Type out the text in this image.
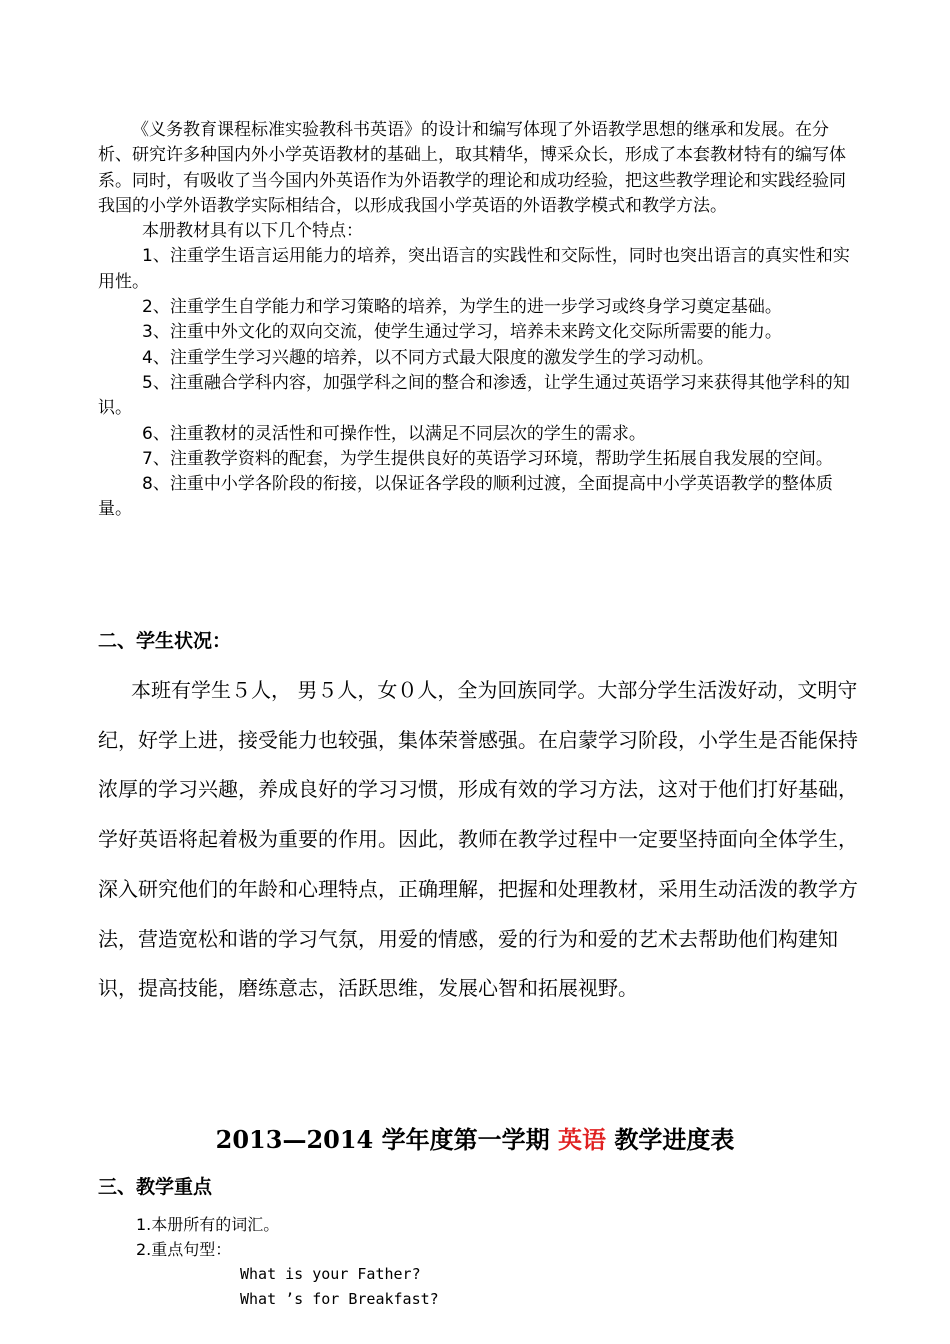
《义务教育课程标准实验教科书英语》的设计和编写体现了外语教学思想的继承和发展。在分析、研究许多种国内外小学英语教材的基础上，取其精华，博采众长，形成了本套教材特有的编写体系。同时，有吸收了当今国内外英语作为外语教学的理论和成功经验，把这些教学理论和实践经验同我国的小学外语教学实际相结合，以形成我国小学英语的外语教学模式和教学方法。

本册教材具有以下几个特点：

1、注重学生语言运用能力的培养，突出语言的实践性和交际性，同时也突出语言的真实性和实用性。

2、注重学生自学能力和学习策略的培养，为学生的进一步学习或终身学习奠定基础。

3、注重中外文化的双向交流，使学生通过学习，培养未来跨文化交际所需要的能力。

4、注重学生学习兴趣的培养，以不同方式最大限度的激发学生的学习动机。

5、注重融合学科内容，加强学科之间的整合和渗透，让学生通过英语学习来获得其他学科的知识。

6、注重教材的灵活性和可操作性，以满足不同层次的学生的需求。

7、注重教学资料的配套，为学生提供良好的英语学习环境，帮助学生拓展自我发展的空间。

8、注重中小学各阶段的衔接，以保证各学段的顺利过渡，全面提高中小学英语教学的整体质量。

二、学生状况：

本班有学生５人， 男５人，女０人，全为回族同学。大部分学生活泼好动，文明守纪，好学上进，接受能力也较强，集体荣誉感强。在启蒙学习阶段，小学生是否能保持浓厚的学习兴趣，养成良好的学习习惯，形成有效的学习方法，这对于他们打好基础，学好英语将起着极为重要的作用。因此，教师在教学过程中一定要坚持面向全体学生，深入研究他们的年龄和心理特点，正确理解，把握和处理教材，采用生动活泼的教学方法，营造宽松和谐的学习气氛，用爱的情感，爱的行为和爱的艺术去帮助他们构建知识，提高技能，磨练意志，活跃思维，发展心智和拓展视野。

2013—2014 学年度第一学期 英语 教学进度表
三、教学重点
1.本册所有的词汇。
2.重点句型：
What is your Father?
What ’s for Breakfast?
